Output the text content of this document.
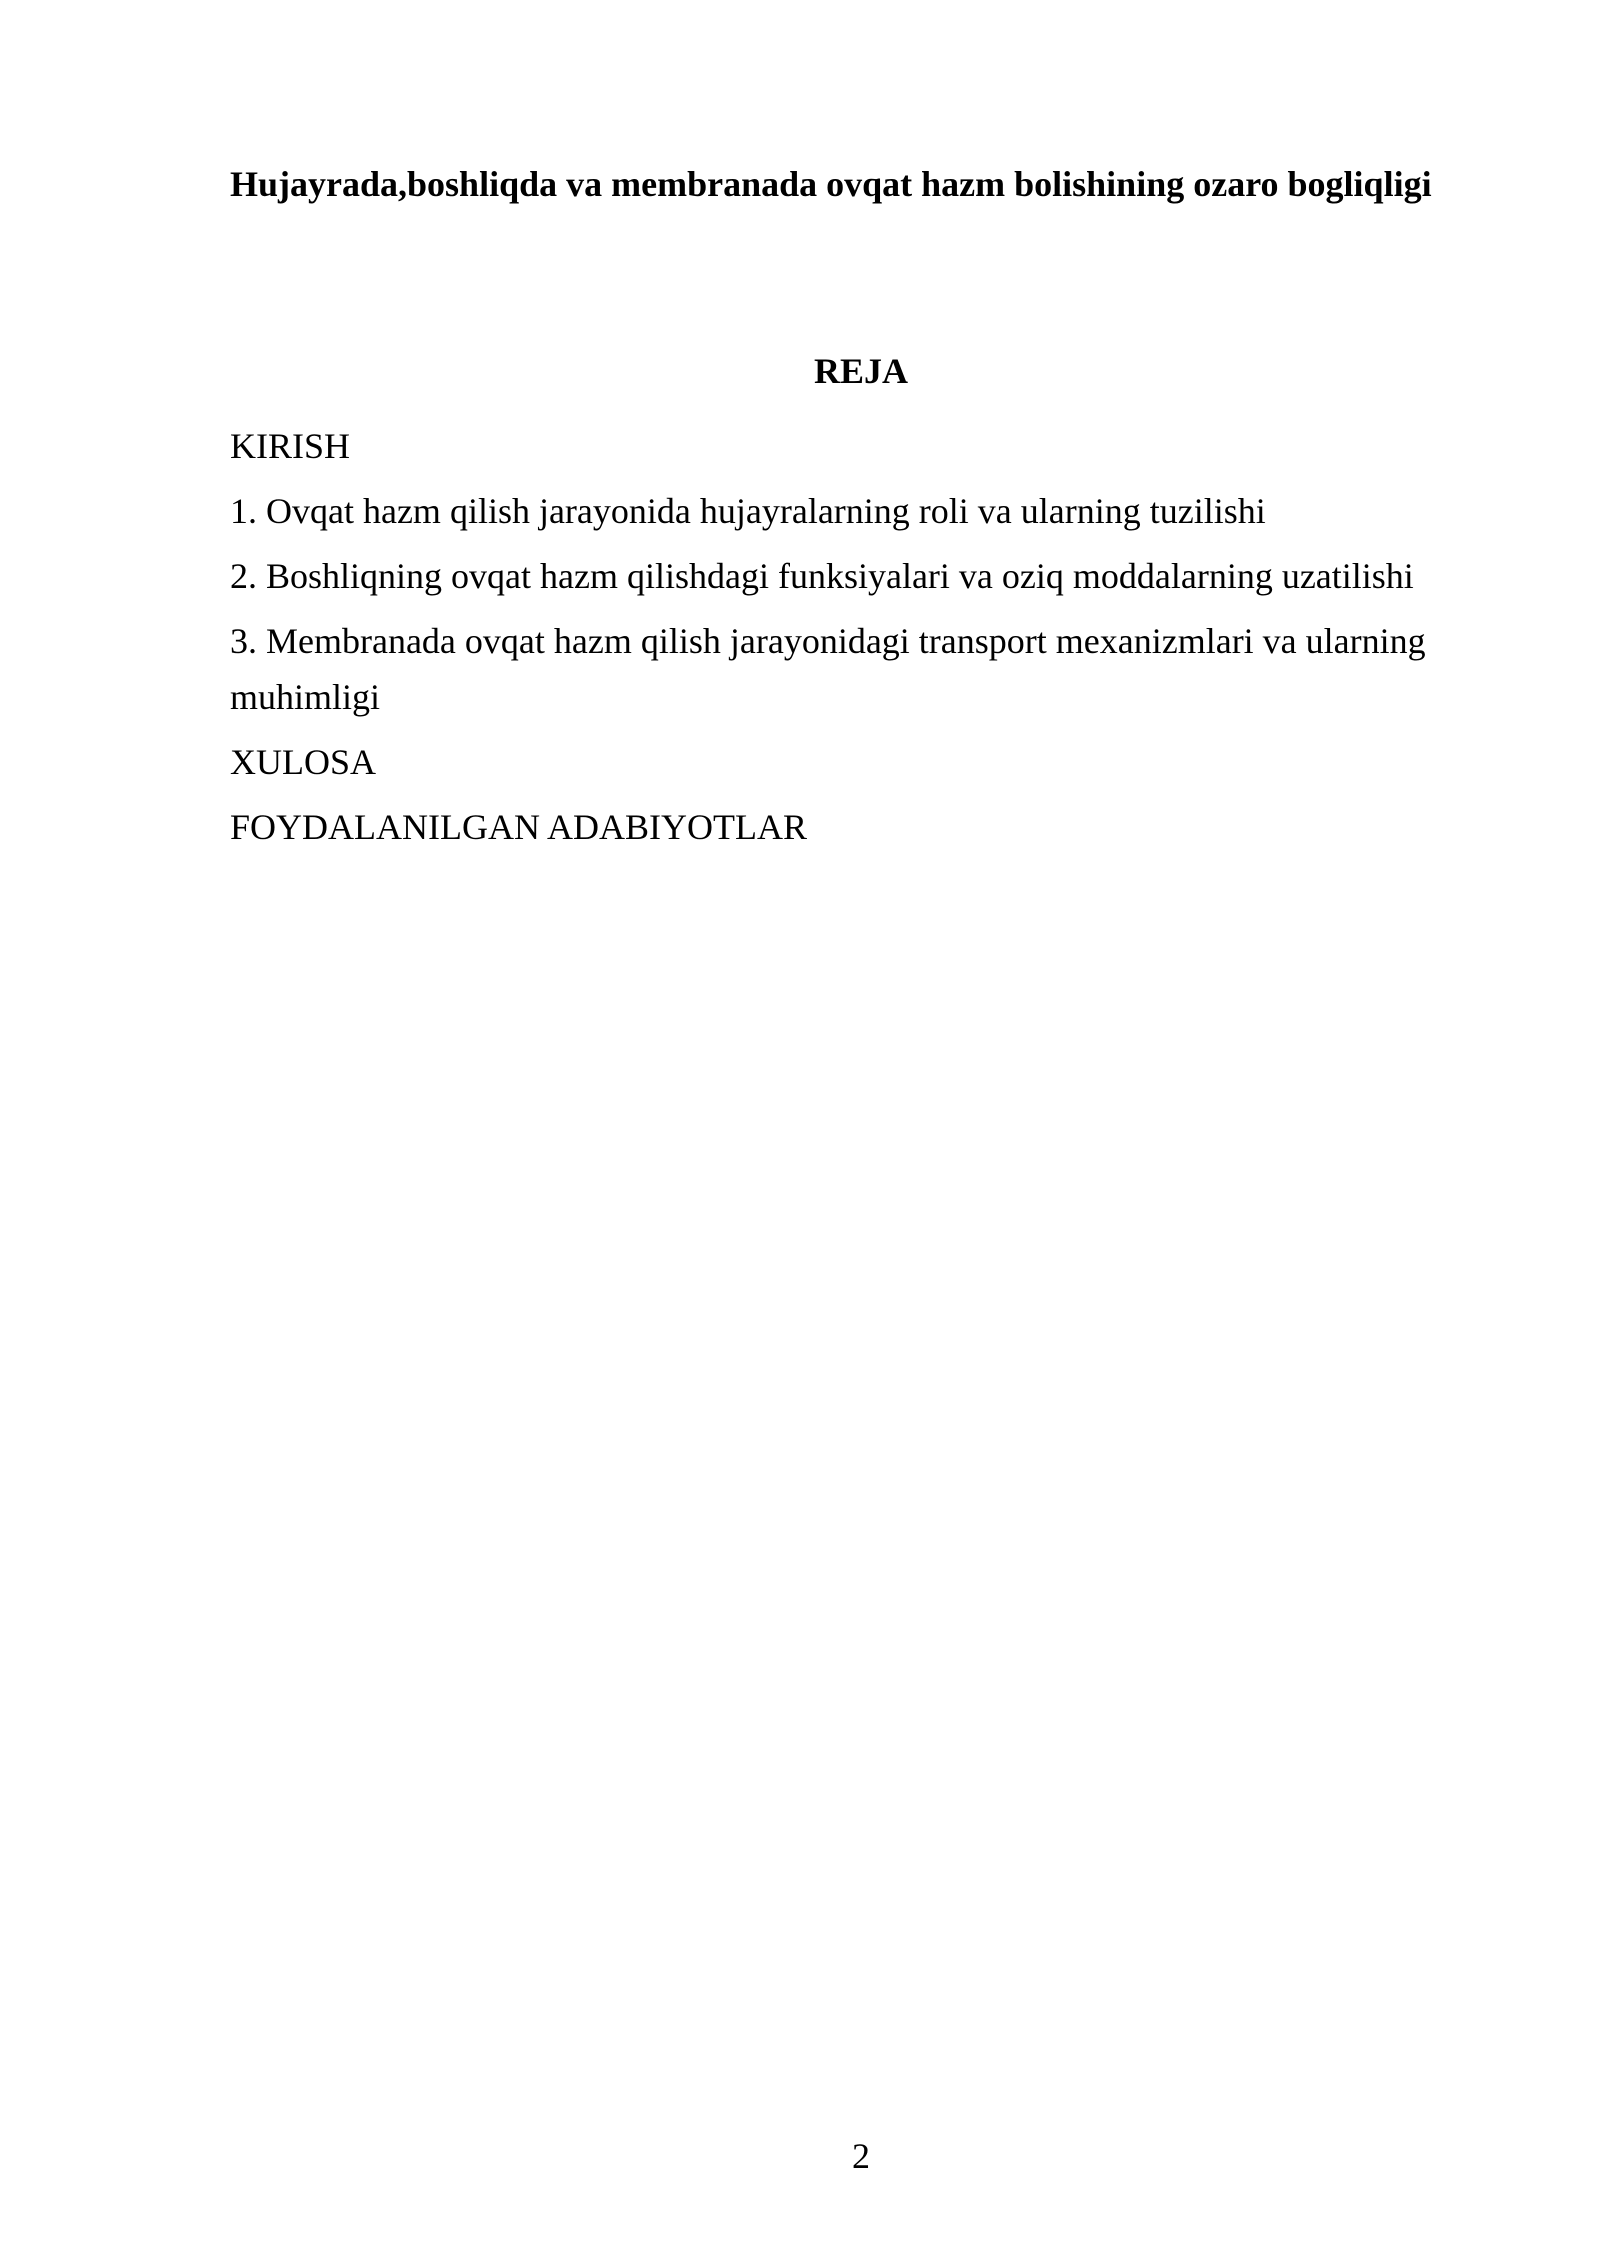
Hujayrada,boshliqda va membranada ovqat hazm bolishining ozaro bogliqligi
REJA
KIRISH
1. Ovqat hazm qilish jarayonida hujayralarning roli va ularning tuzilishi
2. Boshliqning ovqat hazm qilishdagi funksiyalari va oziq moddalarning uzatilishi
3. Membranada ovqat hazm qilish jarayonidagi transport mexanizmlari va ularning muhimligi
XULOSA
FOYDALANILGAN ADABIYOTLAR
2
